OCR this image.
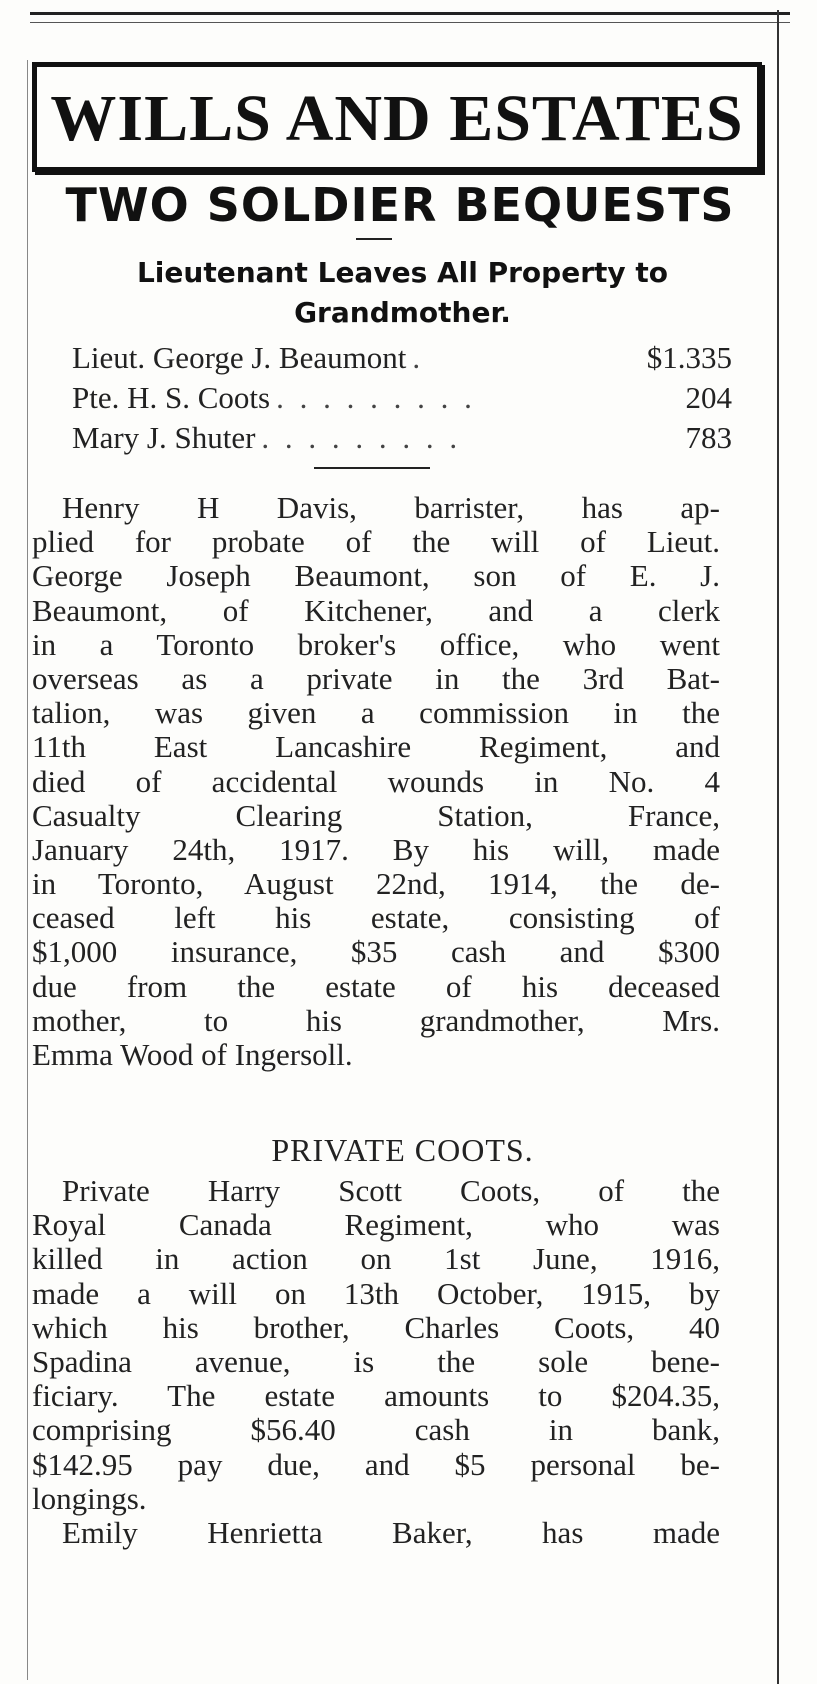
WILLS AND ESTATES
TWO SOLDIER BEQUESTS
Lieutenant Leaves All Property to
Grandmother.
Lieut. George J. Beaumont .	$1.335
Pte. H. S. Coots . . . . . . . . .	204
Mary J. Shuter . . . . . . . . .	783
Henry H Davis, barrister, has ap-
plied for probate of the will of Lieut.
George Joseph Beaumont, son of E. J.
Beaumont, of Kitchener, and a clerk
in a Toronto broker's office, who went
overseas as a private in the 3rd Bat-
talion, was given a commission in the
11th East Lancashire Regiment, and
died of accidental wounds in No. 4
Casualty Clearing Station, France,
January 24th, 1917. By his will, made
in Toronto, August 22nd, 1914, the de-
ceased left his estate, consisting of
$1,000 insurance, $35 cash and $300
due from the estate of his deceased
mother, to his grandmother, Mrs.
Emma Wood of Ingersoll.
PRIVATE COOTS.
Private Harry Scott Coots, of the
Royal Canada Regiment, who was
killed in action on 1st June, 1916,
made a will on 13th October, 1915, by
which his brother, Charles Coots, 40
Spadina avenue, is the sole bene-
ficiary. The estate amounts to $204.35,
comprising $56.40 cash in bank,
$142.95 pay due, and $5 personal be-
longings.
Emily Henrietta Baker, has made
